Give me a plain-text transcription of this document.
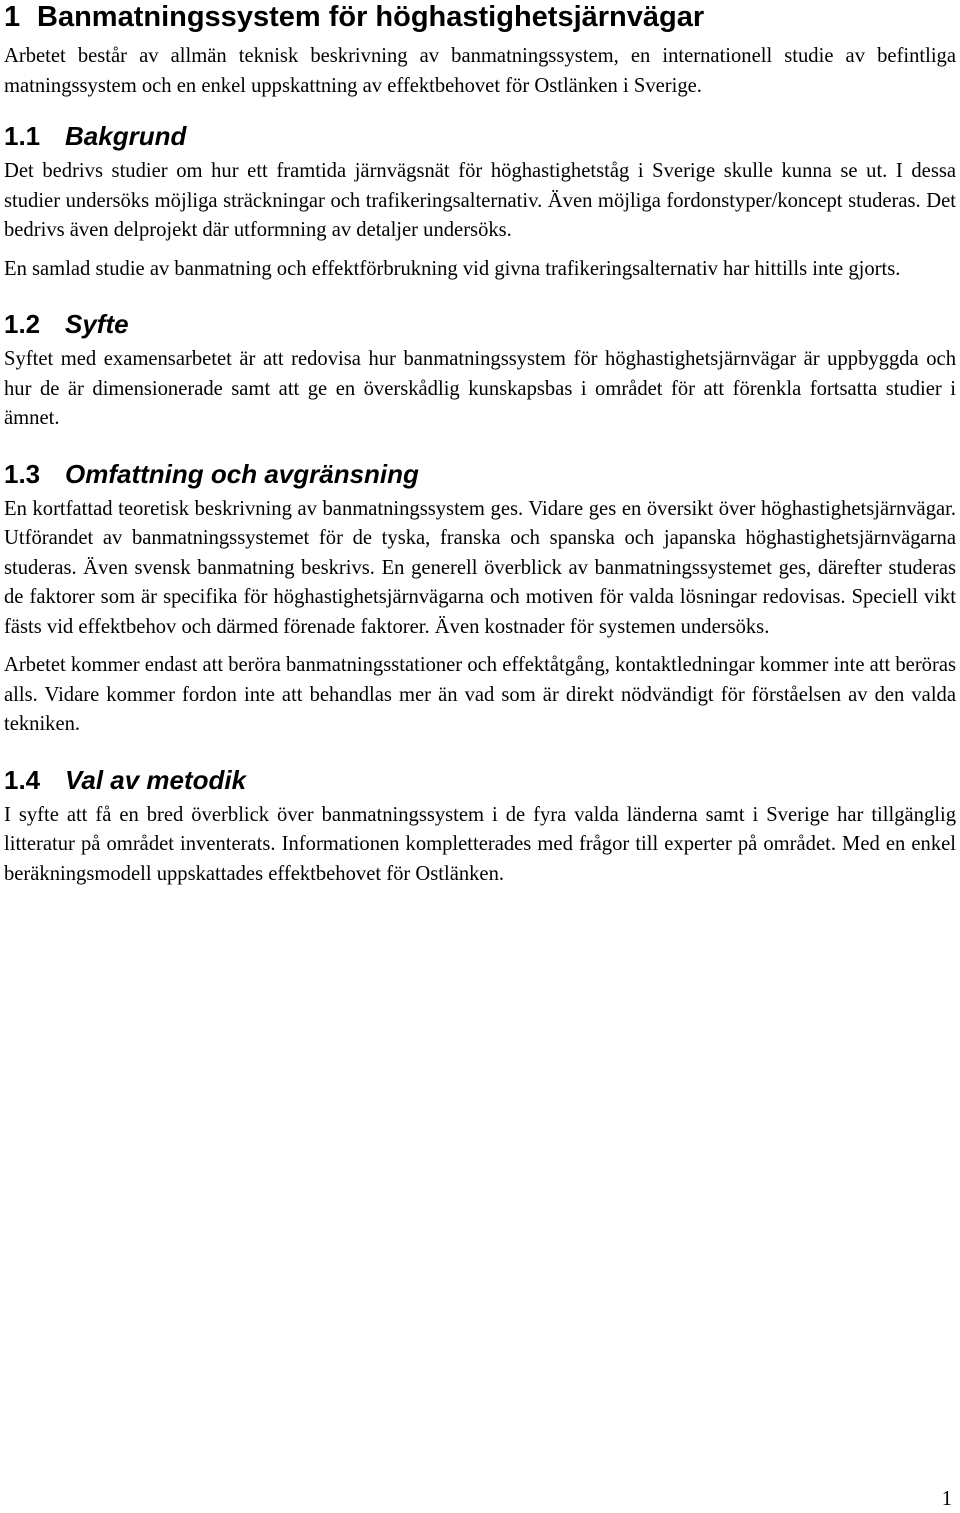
1 Banmatningssystem för höghastighetsjärnvägar

Arbetet består av allmän teknisk beskrivning av banmatningssystem, en internationell studie av befintliga matningssystem och en enkel uppskattning av effektbehovet för Ostlänken i Sverige.

1.1 Bakgrund

Det bedrivs studier om hur ett framtida järnvägsnät för höghastighetståg i Sverige skulle kunna se ut. I dessa studier undersöks möjliga sträckningar och trafikeringsalternativ. Även möjliga fordonstyper/koncept studeras. Det bedrivs även delprojekt där utformning av detaljer undersöks.

En samlad studie av banmatning och effektförbrukning vid givna trafikeringsalternativ har hittills inte gjorts.

1.2 Syfte

Syftet med examensarbetet är att redovisa hur banmatningssystem för höghastighetsjärnvägar är uppbyggda och hur de är dimensionerade samt att ge en överskådlig kunskapsbas i området för att förenkla fortsatta studier i ämnet.

1.3 Omfattning och avgränsning

En kortfattad teoretisk beskrivning av banmatningssystem ges. Vidare ges en översikt över höghastighetsjärnvägar. Utförandet av banmatningssystemet för de tyska, franska och spanska och japanska höghastighetsjärnvägarna studeras. Även svensk banmatning beskrivs. En generell överblick av banmatningssystemet ges, därefter studeras de faktorer som är specifika för höghastighetsjärnvägarna och motiven för valda lösningar redovisas. Speciell vikt fästs vid effektbehov och därmed förenade faktorer. Även kostnader för systemen undersöks.

Arbetet kommer endast att beröra banmatningsstationer och effektåtgång, kontaktledningar kommer inte att beröras alls. Vidare kommer fordon inte att behandlas mer än vad som är direkt nödvändigt för förståelsen av den valda tekniken.

1.4 Val av metodik

I syfte att få en bred överblick över banmatningssystem i de fyra valda länderna samt i Sverige har tillgänglig litteratur på området inventerats. Informationen kompletterades med frågor till experter på området. Med en enkel beräkningsmodell uppskattades effektbehovet för Ostlänken.

1
